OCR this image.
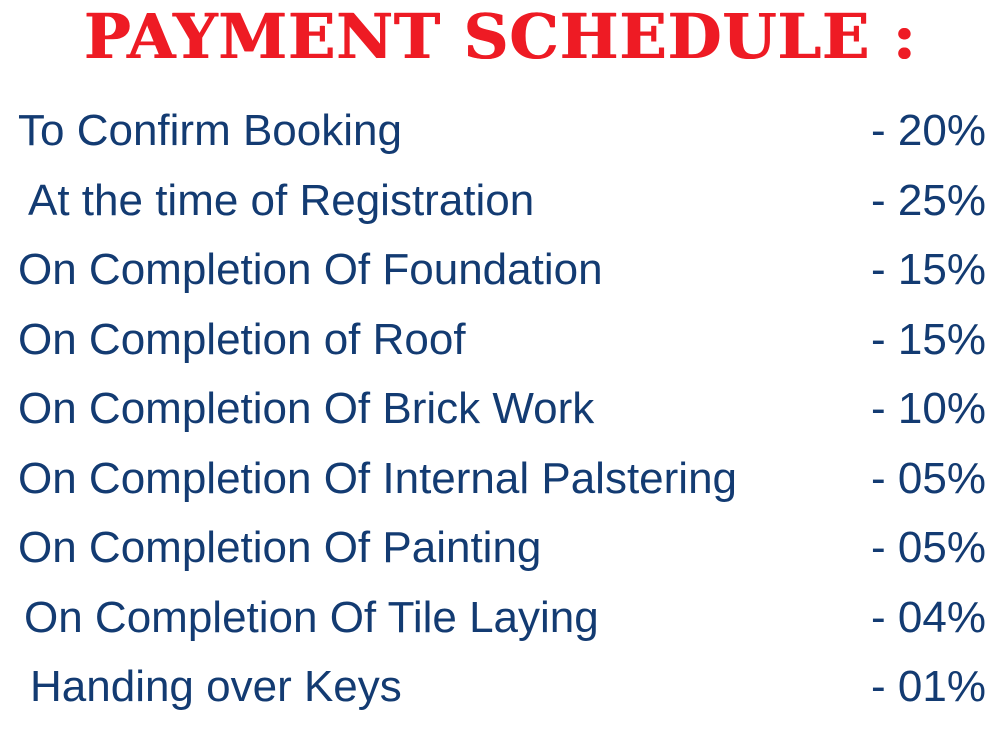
PAYMENT SCHEDULE :
To Confirm Booking	- 20%
At the time of Registration	- 25%
On Completion Of Foundation	- 15%
On Completion of Roof	- 15%
On Completion Of Brick Work	- 10%
On Completion Of Internal Palstering	- 05%
On Completion Of Painting	- 05%
On Completion Of Tile Laying	- 04%
Handing over Keys	- 01%
